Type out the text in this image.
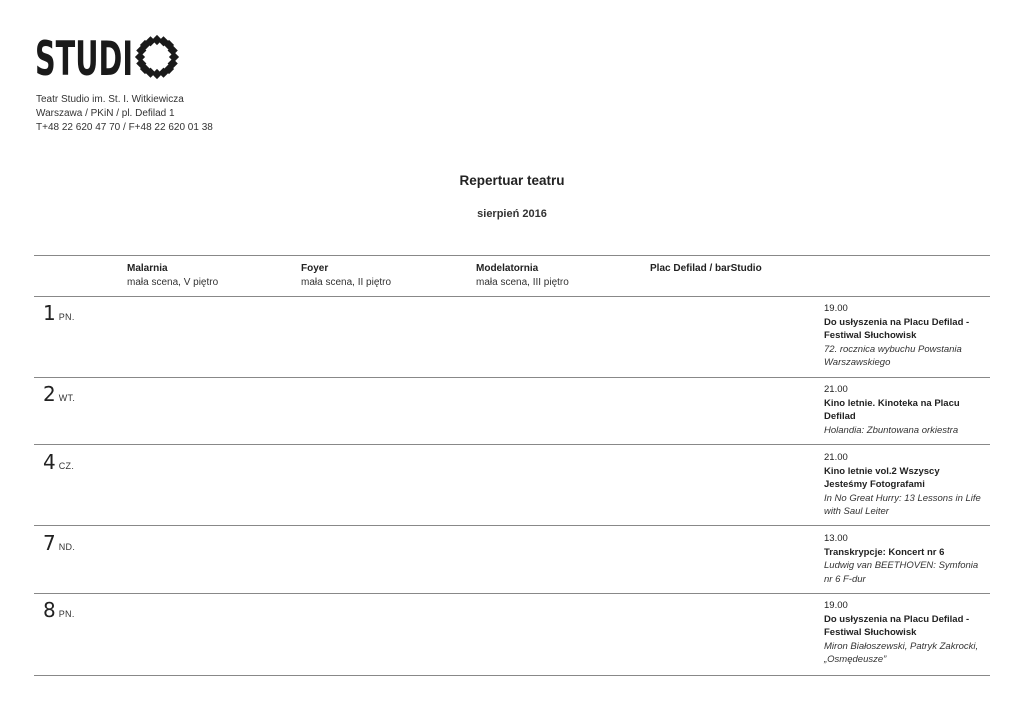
STUDI
Teatr Studio im. St. I. Witkiewicza
Warszawa / PKiN / pl. Defilad 1
T+48 22 620 47 70 / F+48 22 620 01 38
Repertuar teatru
sierpień 2016
Malarnia
mała scena, V piętro
Foyer
mała scena, II piętro
Modelatornia
mała scena, III piętro
Plac Defilad / barStudio
1 PN.
19.00
Do usłyszenia na Placu Defilad - Festiwal Słuchowisk
72. rocznica wybuchu Powstania Warszawskiego
2 WT.
21.00
Kino letnie. Kinoteka na Placu Defilad
Holandia: Zbuntowana orkiestra
4 CZ.
21.00
Kino letnie vol.2 Wszyscy Jesteśmy Fotografami
In No Great Hurry: 13 Lessons in Life with Saul Leiter
7 ND.
13.00
Transkrypcje: Koncert nr 6
Ludwig van BEETHOVEN: Symfonia nr 6 F-dur
8 PN.
19.00
Do usłyszenia na Placu Defilad - Festiwal Słuchowisk
Miron Białoszewski, Patryk Zakrocki, „Osmędeusze”
